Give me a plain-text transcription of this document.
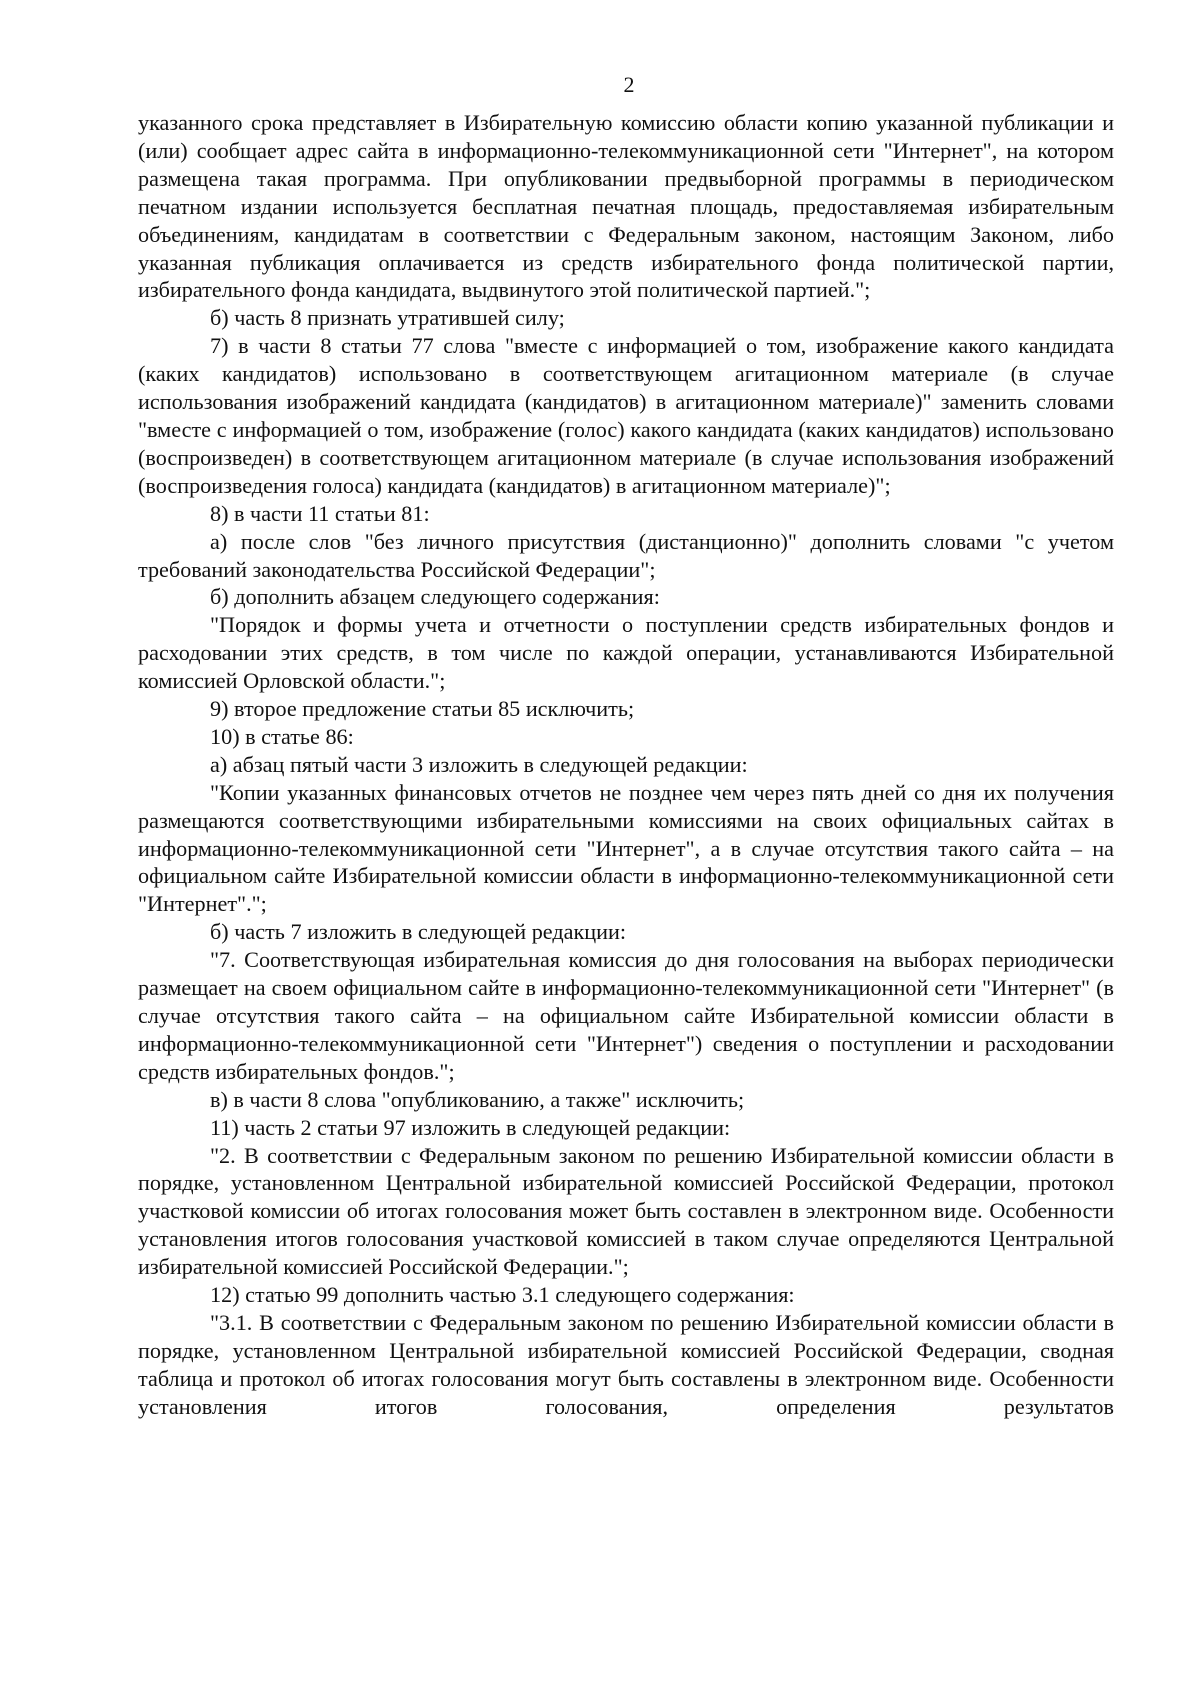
2

указанного срока представляет в Избирательную комиссию области копию указанной публикации и (или) сообщает адрес сайта в информационно-телекоммуникационной сети "Интернет", на котором размещена такая программа. При опубликовании предвыборной программы в периодическом печатном издании используется бесплатная печатная площадь, предоставляемая избирательным объединениям, кандидатам в соответствии с Федеральным законом, настоящим Законом, либо указанная публикация оплачивается из средств избирательного фонда политической партии, избирательного фонда кандидата, выдвинутого этой политической партией.";

б) часть 8 признать утратившей силу;

7) в части 8 статьи 77 слова "вместе с информацией о том, изображение какого кандидата (каких кандидатов) использовано в соответствующем агитационном материале (в случае использования изображений кандидата (кандидатов) в агитационном материале)" заменить словами "вместе с информацией о том, изображение (голос) какого кандидата (каких кандидатов) использовано (воспроизведен) в соответствующем агитационном материале (в случае использования изображений (воспроизведения голоса) кандидата (кандидатов) в агитационном материале)";

8) в части 11 статьи 81:

а) после слов "без личного присутствия (дистанционно)" дополнить словами "с учетом требований законодательства Российской Федерации";

б) дополнить абзацем следующего содержания:

"Порядок и формы учета и отчетности о поступлении средств избирательных фондов и расходовании этих средств, в том числе по каждой операции, устанавливаются Избирательной комиссией Орловской области.";

9) второе предложение статьи 85 исключить;

10) в статье 86:

а) абзац пятый части 3 изложить в следующей редакции:

"Копии указанных финансовых отчетов не позднее чем через пять дней со дня их получения размещаются соответствующими избирательными комиссиями на своих официальных сайтах в информационно-телекоммуникационной сети "Интернет", а в случае отсутствия такого сайта – на официальном сайте Избирательной комиссии области в информационно-телекоммуникационной сети "Интернет".";

б) часть 7 изложить в следующей редакции:

"7. Соответствующая избирательная комиссия до дня голосования на выборах периодически размещает на своем официальном сайте в информационно-телекоммуникационной сети "Интернет" (в случае отсутствия такого сайта – на официальном сайте Избирательной комиссии области в информационно-телекоммуникационной сети "Интернет") сведения о поступлении и расходовании средств избирательных фондов.";

в) в части 8 слова "опубликованию, а также" исключить;

11) часть 2 статьи 97 изложить в следующей редакции:

"2. В соответствии с Федеральным законом по решению Избирательной комиссии области в порядке, установленном Центральной избирательной комиссией Российской Федерации, протокол участковой комиссии об итогах голосования может быть составлен в электронном виде. Особенности установления итогов голосования участковой комиссией в таком случае определяются Центральной избирательной комиссией Российской Федерации.";

12) статью 99 дополнить частью 3.1 следующего содержания:

"3.1. В соответствии с Федеральным законом по решению Избирательной комиссии области в порядке, установленном Центральной избирательной комиссией Российской Федерации, сводная таблица и протокол об итогах голосования могут быть составлены в электронном виде. Особенности установления итогов голосования, определения результатов
